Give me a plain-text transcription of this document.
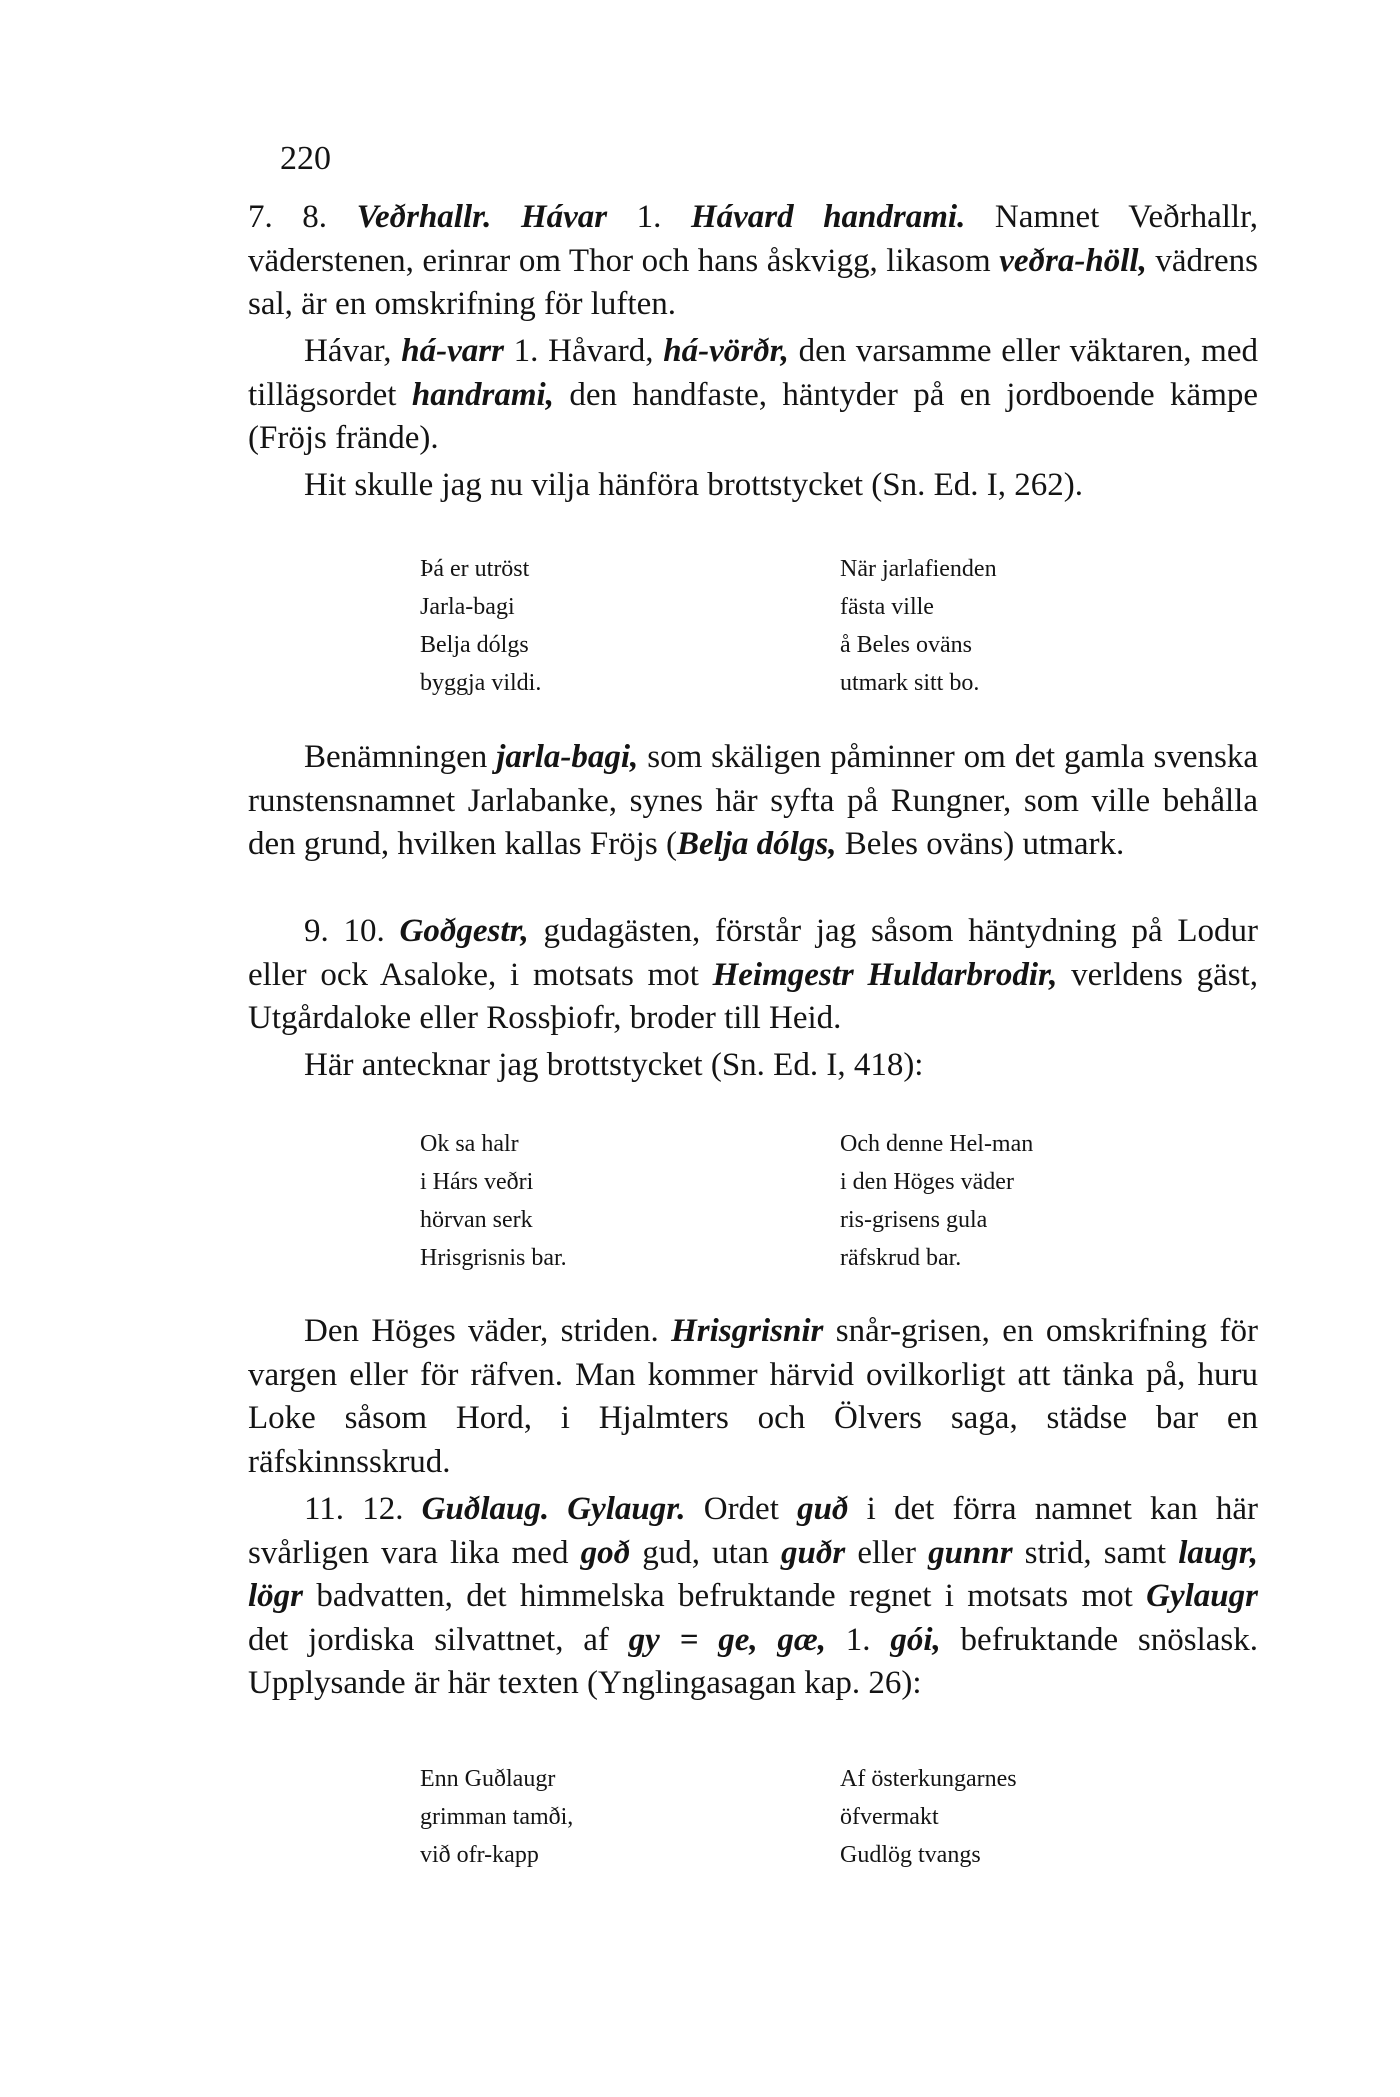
220

7. 8. Veðrhallr. Hávar 1. Hávard handrami. Namnet Veðrhallr, väderstenen, erinrar om Thor och hans åskvigg, likasom veðra-höll, vädrens sal, är en omskrifning för luften.

Hávar, há-varr 1. Håvard, há-vörðr, den varsamme eller väktaren, med tillägsordet handrami, den handfaste, häntyder på en jordboende kämpe (Fröjs frände).

Hit skulle jag nu vilja hänföra brottstycket (Sn. Ed. I, 262).

Þá er utröst
Jarla-bagi
Belja dólgs
byggja vildi.
När jarlafienden
fästa ville
å Beles oväns
utmark sitt bo.

Benämningen jarla-bagi, som skäligen påminner om det gamla svenska runstensnamnet Jarlabanke, synes här syfta på Rungner, som ville behålla den grund, hvilken kallas Fröjs (Belja dólgs, Beles oväns) utmark.

9. 10. Goðgestr, gudagästen, förstår jag såsom häntydning på Lodur eller ock Asaloke, i motsats mot Heimgestr Huldarbrodir, verldens gäst, Utgårdaloke eller Rossþiofr, broder till Heid.

Här antecknar jag brottstycket (Sn. Ed. I, 418):

Ok sa halr
i Hárs veðri
hörvan serk
Hrisgrisnis bar.
Och denne Hel-man
i den Höges väder
ris-grisens gula
räfskrud bar.

Den Höges väder, striden. Hrisgrisnir snår-grisen, en omskrifning för vargen eller för räfven. Man kommer härvid ovilkorligt att tänka på, huru Loke såsom Hord, i Hjalmters och Ölvers saga, städse bar en räfskinnsskrud.

11. 12. Guðlaug. Gylaugr. Ordet guð i det förra namnet kan här svårligen vara lika med goð gud, utan guðr eller gunnr strid, samt laugr, lögr badvatten, det himmelska befruktande regnet i motsats mot Gylaugr det jordiska silvattnet, af gy = ge, gæ, 1. gói, befruktande snöslask. Upplysande är här texten (Ynglingasagan kap. 26):

Enn Guðlaugr
grimman tamði,
við ofr-kapp
Af österkungarnes
öfvermakt
Gudlög tvangs
